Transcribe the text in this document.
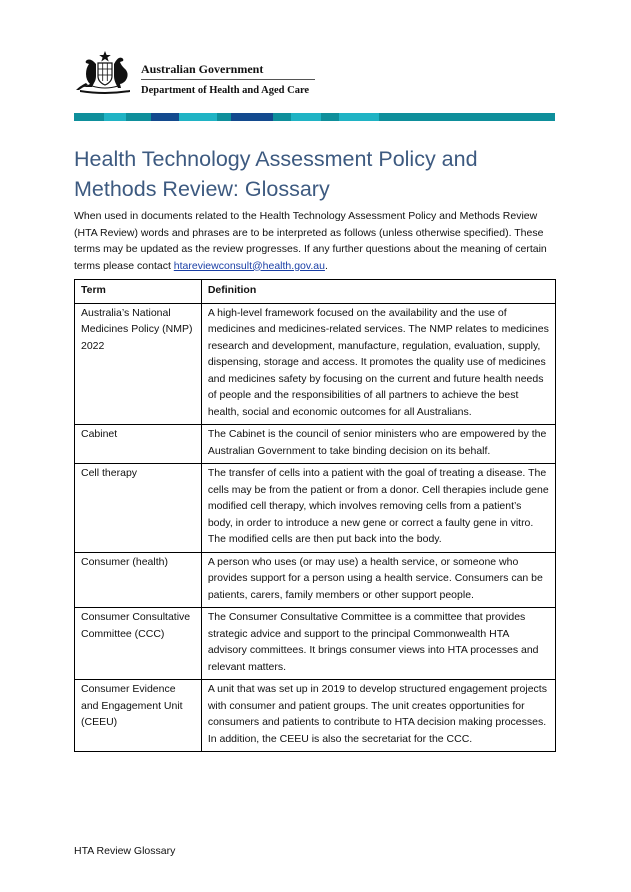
Australian Government
Department of Health and Aged Care
Health Technology Assessment Policy and Methods Review: Glossary
When used in documents related to the Health Technology Assessment Policy and Methods Review (HTA Review) words and phrases are to be interpreted as follows (unless otherwise specified). These terms may be updated as the review progresses. If any further questions about the meaning of certain terms please contact htareviewconsult@health.gov.au.
Term	Definition
Australia’s National Medicines Policy (NMP) 2022	A high-level framework focused on the availability and the use of medicines and medicines-related services. The NMP relates to medicines research and development, manufacture, regulation, evaluation, supply, dispensing, storage and access. It promotes the quality use of medicines and medicines safety by focusing on the current and future health needs of people and the responsibilities of all partners to achieve the best health, social and economic outcomes for all Australians.
Cabinet	The Cabinet is the council of senior ministers who are empowered by the Australian Government to take binding decision on its behalf.
Cell therapy	The transfer of cells into a patient with the goal of treating a disease. The cells may be from the patient or from a donor. Cell therapies include gene modified cell therapy, which involves removing cells from a patient’s body, in order to introduce a new gene or correct a faulty gene in vitro. The modified cells are then put back into the body.
Consumer (health)	A person who uses (or may use) a health service, or someone who provides support for a person using a health service. Consumers can be patients, carers, family members or other support people.
Consumer Consultative Committee (CCC)	The Consumer Consultative Committee is a committee that provides strategic advice and support to the principal Commonwealth HTA advisory committees. It brings consumer views into HTA processes and relevant matters.
Consumer Evidence and Engagement Unit (CEEU)	A unit that was set up in 2019 to develop structured engagement projects with consumer and patient groups. The unit creates opportunities for consumers and patients to contribute to HTA decision making processes. In addition, the CEEU is also the secretariat for the CCC.
HTA Review Glossary
